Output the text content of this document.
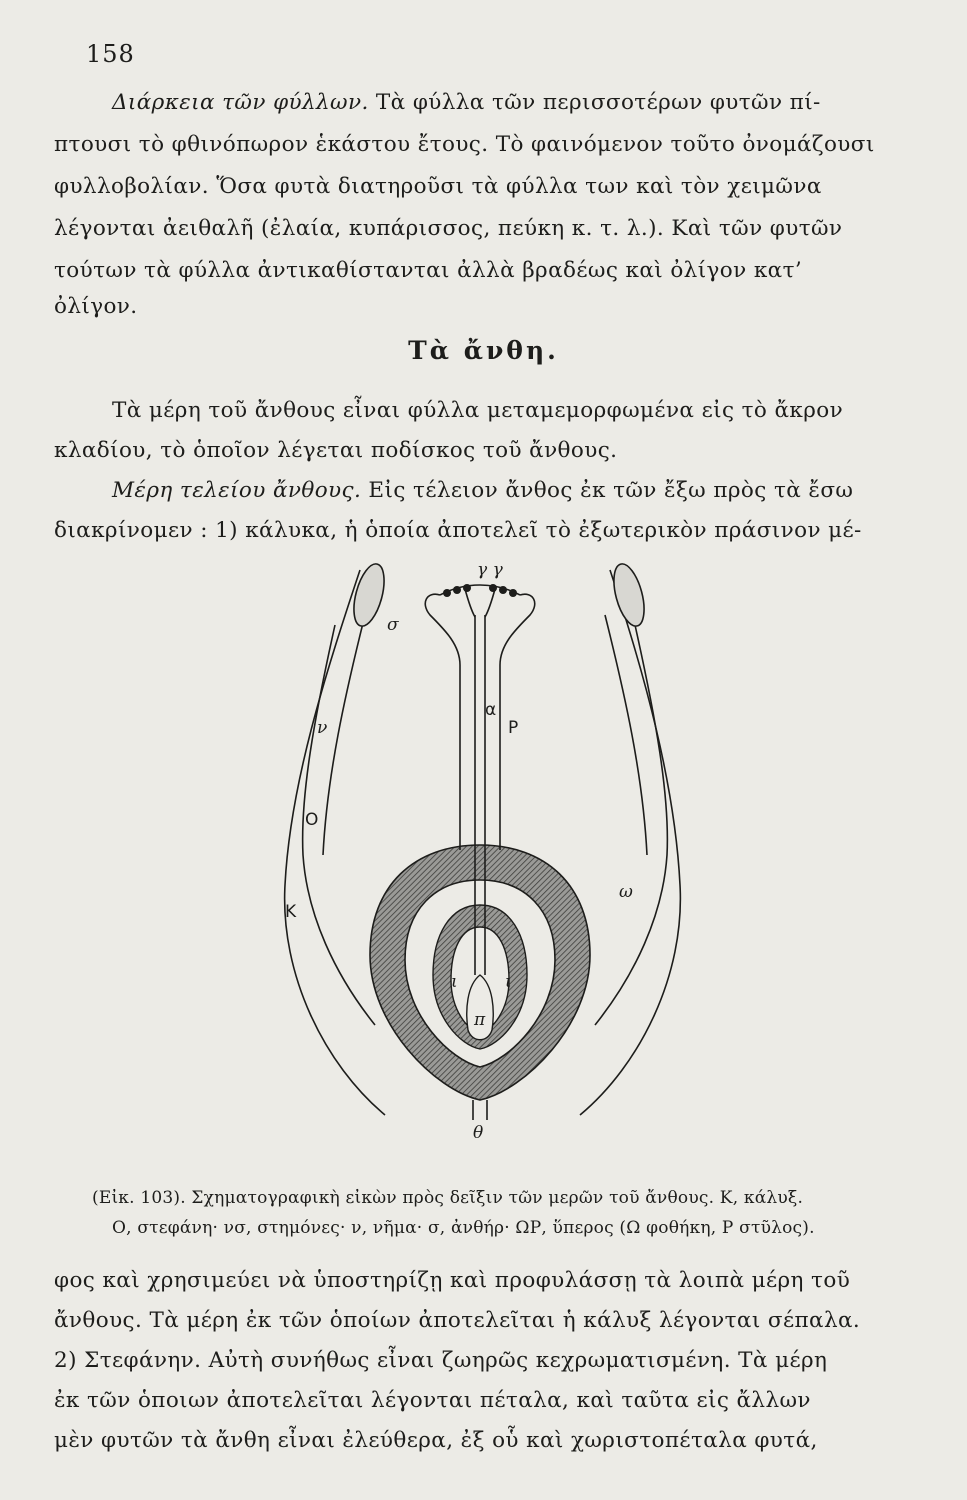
158
Διάρκεια τῶν φύλλων. Τὰ φύλλα τῶν περισσοτέρων φυτῶν πί-
πτουσι τὸ φθινόπωρον ἑκάστου ἔτους. Τὸ φαινόμενον τοῦτο ὀνομάζουσι
φυλλοβολίαν. Ὅσα φυτὰ διατηροῦσι τὰ φύλλα των καὶ τὸν χειμῶνα
λέγονται ἀειθαλῆ (ἐλαία, κυπάρισσος, πεύκη κ. τ. λ.). Καὶ τῶν φυτῶν
τούτων τὰ φύλλα ἀντικαθίστανται ἀλλὰ βραδέως καὶ ὀλίγον κατ’
ὀλίγον.
Τὰ ἄνθη.
Τὰ μέρη τοῦ ἄνθους εἶναι φύλλα μεταμεμορφωμένα εἰς τὸ ἄκρον
κλαδίου, τὸ ὁποῖον λέγεται ποδίσκος τοῦ ἄνθους.
Μέρη τελείου ἄνθους. Εἰς τέλειον ἄνθος ἐκ τῶν ἔξω πρὸς τὰ ἔσω
διακρίνομεν : 1) κάλυκα, ἡ ὁποία ἀποτελεῖ τὸ ἐξωτερικὸν πράσινον μέ-
γ γ
σ
ν
α
Ρ
Ο
Κ
ω
ι	ι
π
θ
(Εἰκ. 103). Σχηματογραφικὴ εἰκὼν πρὸς δεῖξιν τῶν μερῶν τοῦ ἄνθους. Κ, κάλυξ.
Ο, στεφάνη· νσ, στημόνες· ν, νῆμα· σ, ἀνθήρ· ΩΡ, ὕπερος (Ω φοθήκη, Ρ στῦλος).
φος καὶ χρησιμεύει νὰ ὑποστηρίζῃ καὶ προφυλάσσῃ τὰ λοιπὰ μέρη τοῦ
ἄνθους. Τὰ μέρη ἐκ τῶν ὁποίων ἀποτελεῖται ἡ κάλυξ λέγονται σέπαλα.
2) Στεφάνην. Αὐτὴ συνήθως εἶναι ζωηρῶς κεχρωματισμένη. Τὰ μέρη
ἐκ τῶν ὁποιων ἀποτελεῖται λέγονται πέταλα, καὶ ταῦτα εἰς ἄλλων
μὲν φυτῶν τὰ ἄνθη εἶναι ἐλεύθερα, ἐξ οὗ καὶ χωριστοπέταλα φυτά,
